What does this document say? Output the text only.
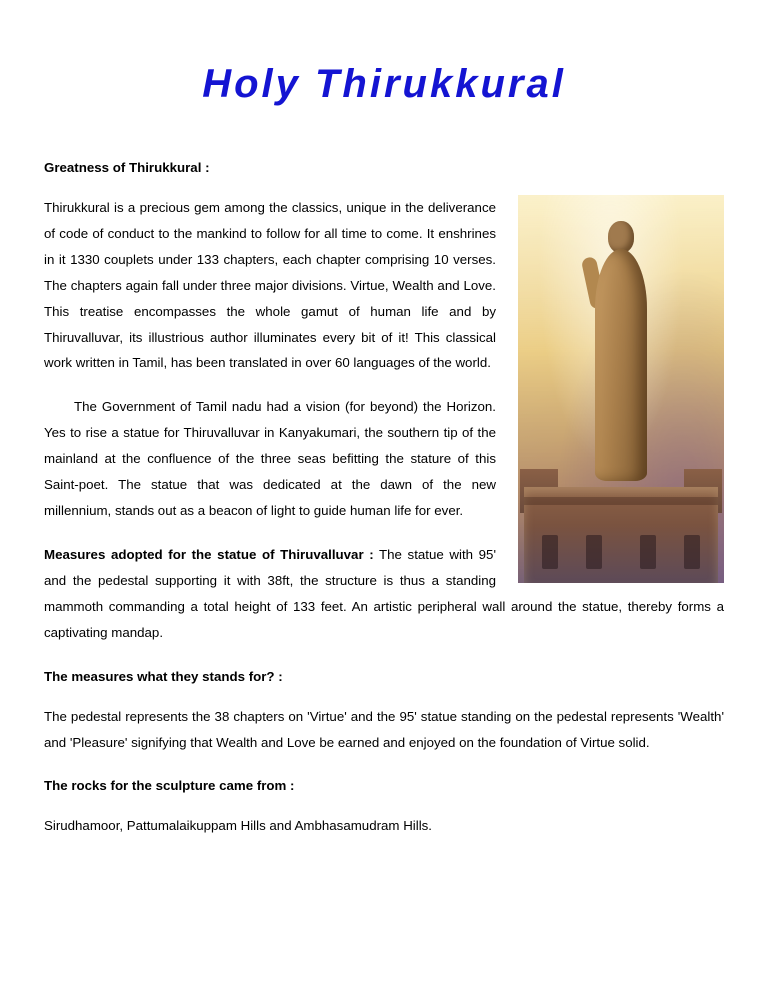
Holy Thirukkural
Greatness of Thirukkural :

Thirukkural is a precious gem among the classics, unique in the deliverance of code of conduct to the mankind to follow for all time to come. It enshrines in it 1330 couplets under 133 chapters, each chapter comprising 10 verses. The chapters again fall under three major divisions. Virtue, Wealth and Love. This treatise encompasses the whole gamut of human life and by Thiruvalluvar, its illustrious author illuminates every bit of it! This classical work written in Tamil, has been translated in over 60 languages of the world.

The Government of Tamil nadu had a vision (for beyond) the Horizon. Yes to rise a statue for Thiruvalluvar in Kanyakumari, the southern tip of the mainland at the confluence of the three seas befitting the stature of this Saint-poet. The statue that was dedicated at the dawn of the new millennium, stands out as a beacon of light to guide human life for ever.

Measures adopted for the statue of Thiruvalluvar : The statue with 95' and the pedestal supporting it with 38ft, the structure is thus a standing mammoth commanding a total height of 133 feet. An artistic peripheral wall around the statue, thereby forms a captivating mandap.

The measures what they stands for? :

The pedestal represents the 38 chapters on 'Virtue' and the 95' statue standing on the pedestal represents 'Wealth' and 'Pleasure' signifying that Wealth and Love be earned and enjoyed on the foundation of Virtue solid.

The rocks for the sculpture came from :

Sirudhamoor, Pattumalaikuppam Hills and Ambhasamudram Hills.
